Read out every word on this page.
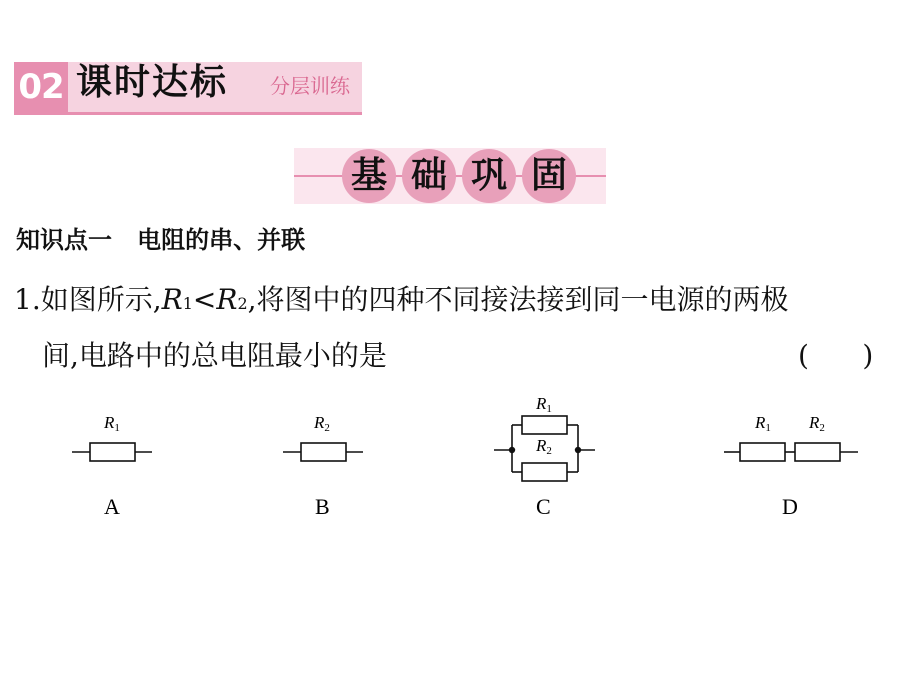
02 课时达标 分层训练
基 础 巩 固
知识点一 电阻的串、并联
1.如图所示,R1<R2,将图中的四种不同接法接到同一电源的两极
间,电路中的总电阻最小的是	(      )
R1
A
R2
B
R1
R2
C
R1 R2
D
